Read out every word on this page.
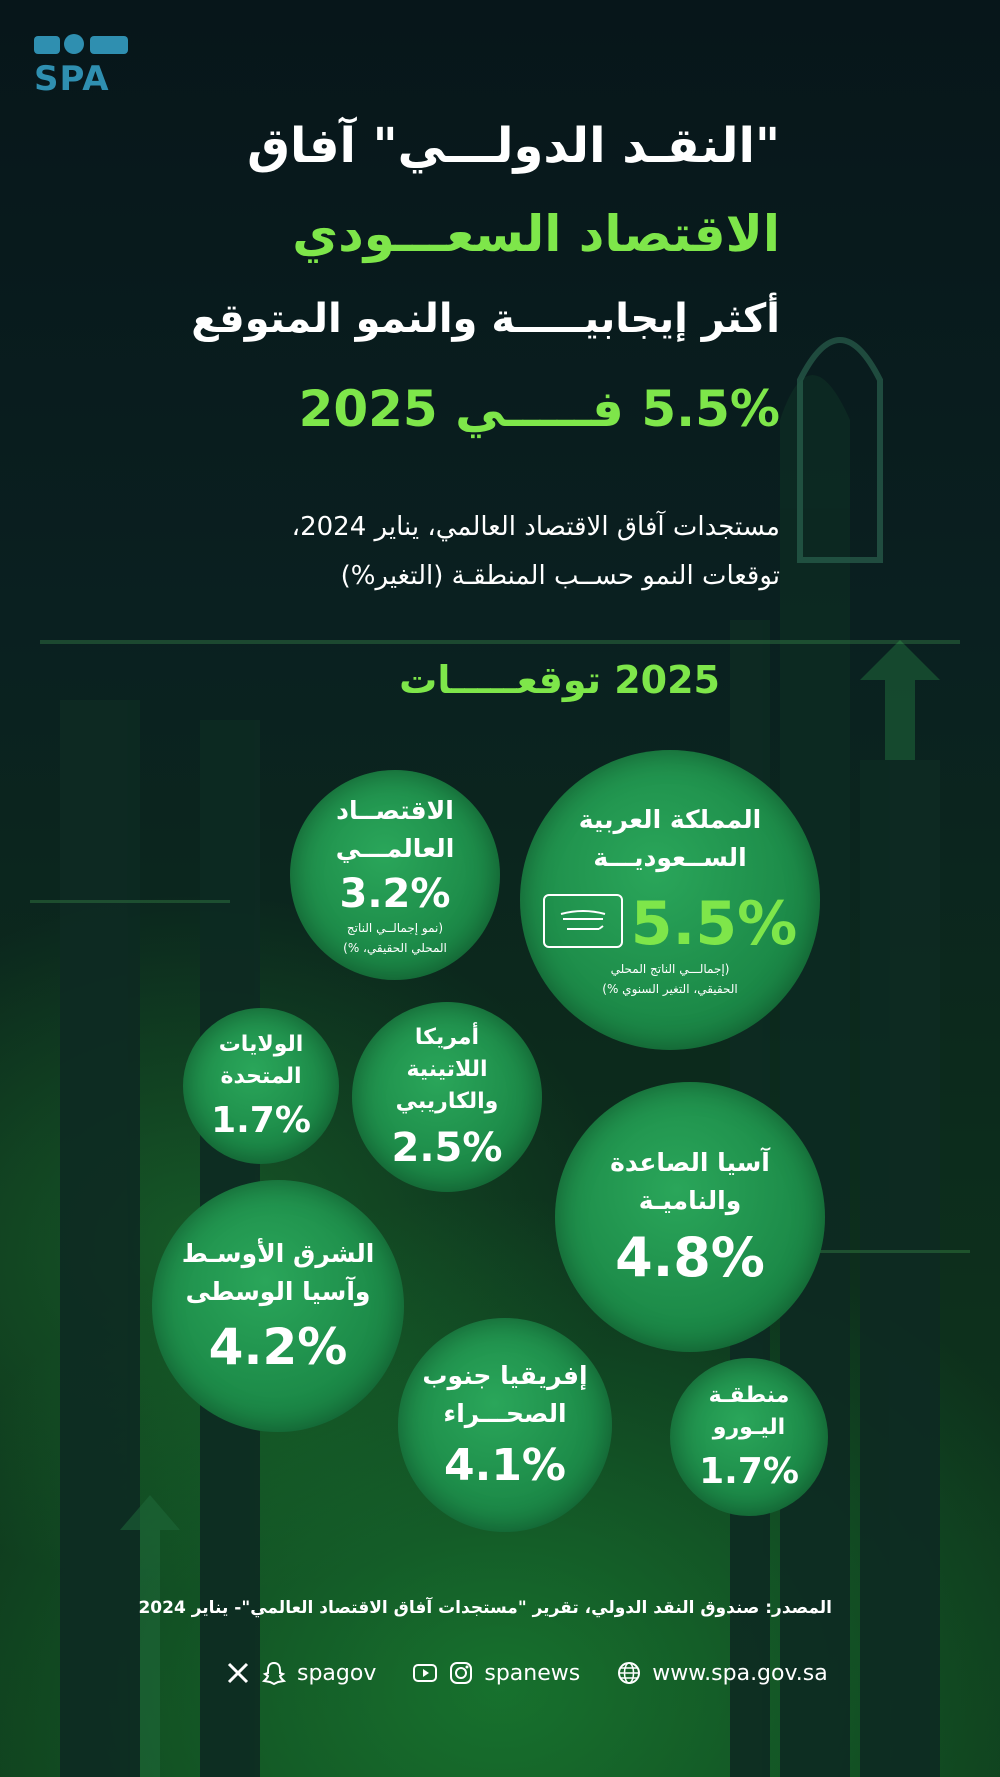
SPA
"النقـد الدولـــي" آفاق
الاقتصاد السعـــودي
أكثر إيجابيـــــة والنمو المتوقع
5.5% فـــــي 2025
مستجدات آفاق الاقتصاد العالمي، يناير 2024،
توقعات النمو حســب المنطقـة (التغير%)
2025 توقعـــــات
المملكة العربية
الســعوديـــة
5.5%
(إجمالـــي الناتج المحلي
الحقيقي، التغير السنوي %)
الاقتصــاد
العالمـــي
3.2%
(نمو إجمالــي الناتج
المحلي الحقيقي، %)
الولايات
المتحدة
1.7%
أمريكا
اللاتينية
والكاريبي
2.5%	آسيا الصاعدة
والناميـة
4.8%
الشرق الأوسـط
وآسيا الوسطى
4.2%	إفريقيا جنوب
الصحـــراء
4.1%
منطقـة
اليـورو
1.7%
المصدر: صندوق النقد الدولي، تقرير "مستجدات آفاق الاقتصاد العالمي"- يناير 2024
spagov	spanews	www.spa.gov.sa
